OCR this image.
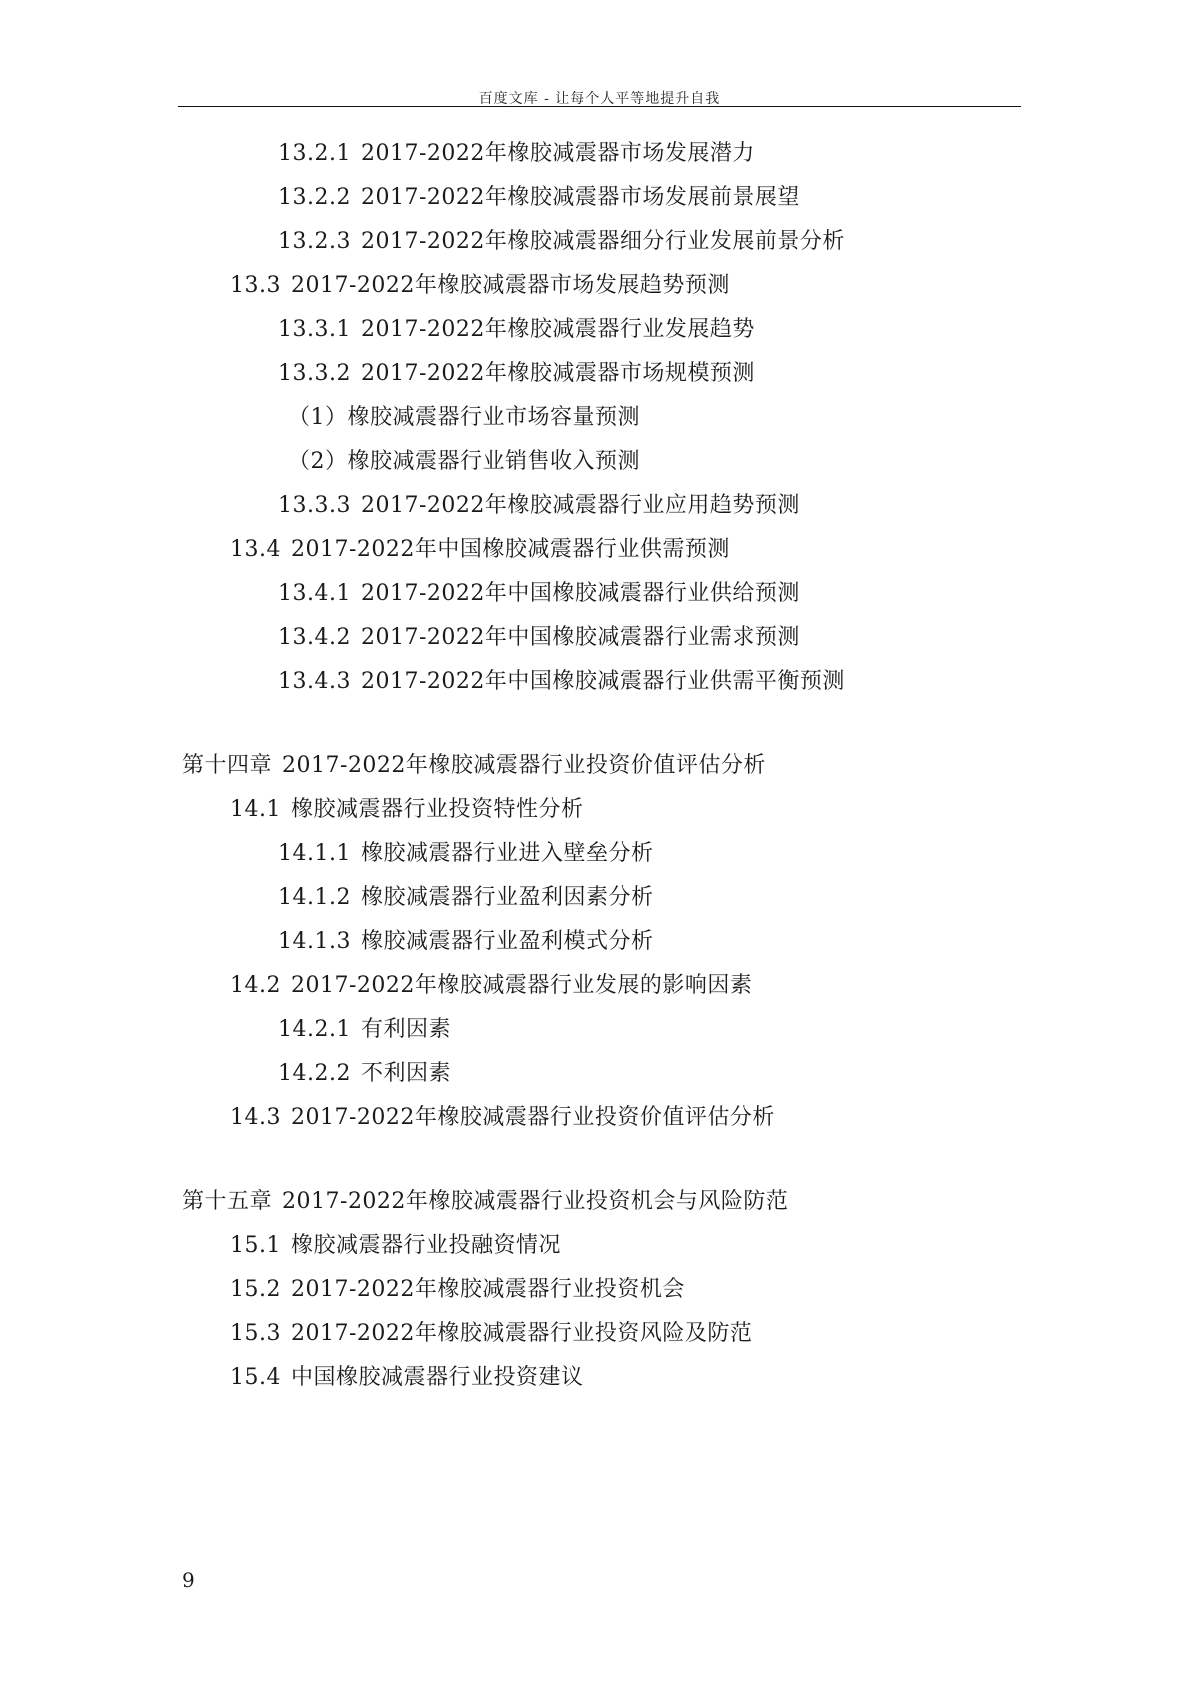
百度文库 - 让每个人平等地提升自我
13.2.1 2017-2022年橡胶减震器市场发展潜力
13.2.2 2017-2022年橡胶减震器市场发展前景展望
13.2.3 2017-2022年橡胶减震器细分行业发展前景分析
13.3 2017-2022年橡胶减震器市场发展趋势预测
13.3.1 2017-2022年橡胶减震器行业发展趋势
13.3.2 2017-2022年橡胶减震器市场规模预测
（1）橡胶减震器行业市场容量预测
（2）橡胶减震器行业销售收入预测
13.3.3 2017-2022年橡胶减震器行业应用趋势预测
13.4 2017-2022年中国橡胶减震器行业供需预测
13.4.1 2017-2022年中国橡胶减震器行业供给预测
13.4.2 2017-2022年中国橡胶减震器行业需求预测
13.4.3 2017-2022年中国橡胶减震器行业供需平衡预测
第十四章 2017-2022年橡胶减震器行业投资价值评估分析
14.1 橡胶减震器行业投资特性分析
14.1.1 橡胶减震器行业进入壁垒分析
14.1.2 橡胶减震器行业盈利因素分析
14.1.3 橡胶减震器行业盈利模式分析
14.2 2017-2022年橡胶减震器行业发展的影响因素
14.2.1 有利因素
14.2.2 不利因素
14.3 2017-2022年橡胶减震器行业投资价值评估分析
第十五章 2017-2022年橡胶减震器行业投资机会与风险防范
15.1 橡胶减震器行业投融资情况
15.2 2017-2022年橡胶减震器行业投资机会
15.3 2017-2022年橡胶减震器行业投资风险及防范
15.4 中国橡胶减震器行业投资建议
9
